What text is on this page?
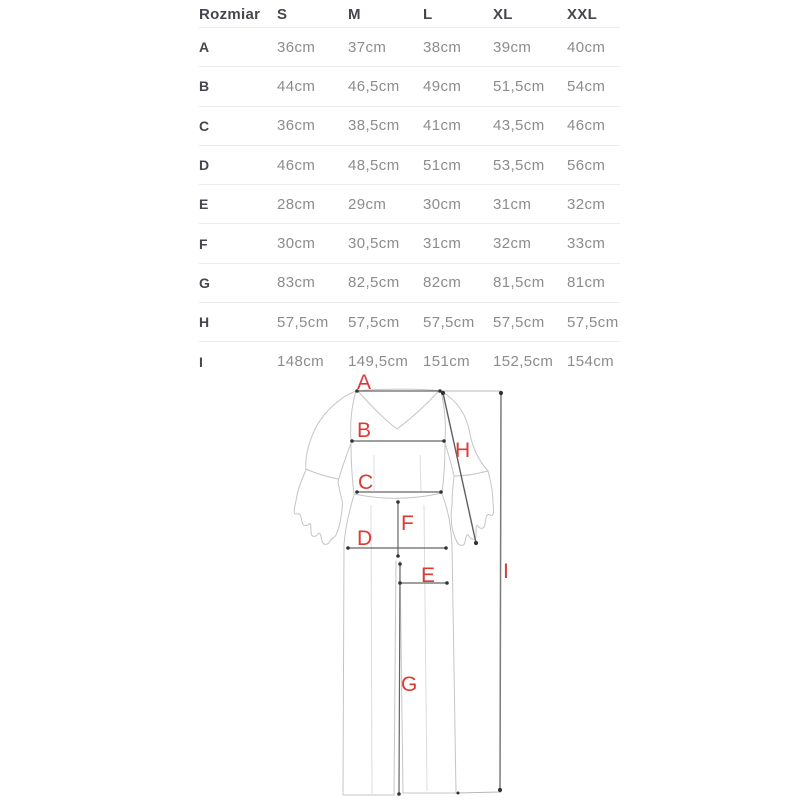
Rozmiar	S	M	L	XL	XXL
A	36cm	37cm	38cm	39cm	40cm
B	44cm	46,5cm	49cm	51,5cm	54cm
C	36cm	38,5cm	41cm	43,5cm	46cm
D	46cm	48,5cm	51cm	53,5cm	56cm
E	28cm	29cm	30cm	31cm	32cm
F	30cm	30,5cm	31cm	32cm	33cm
G	83cm	82,5cm	82cm	81,5cm	81cm
H	57,5cm	57,5cm	57,5cm	57,5cm	57,5cm
I	148cm	149,5cm 151cm	152,5cm 154cm
A
B
C
D
E
F
G
H
I
